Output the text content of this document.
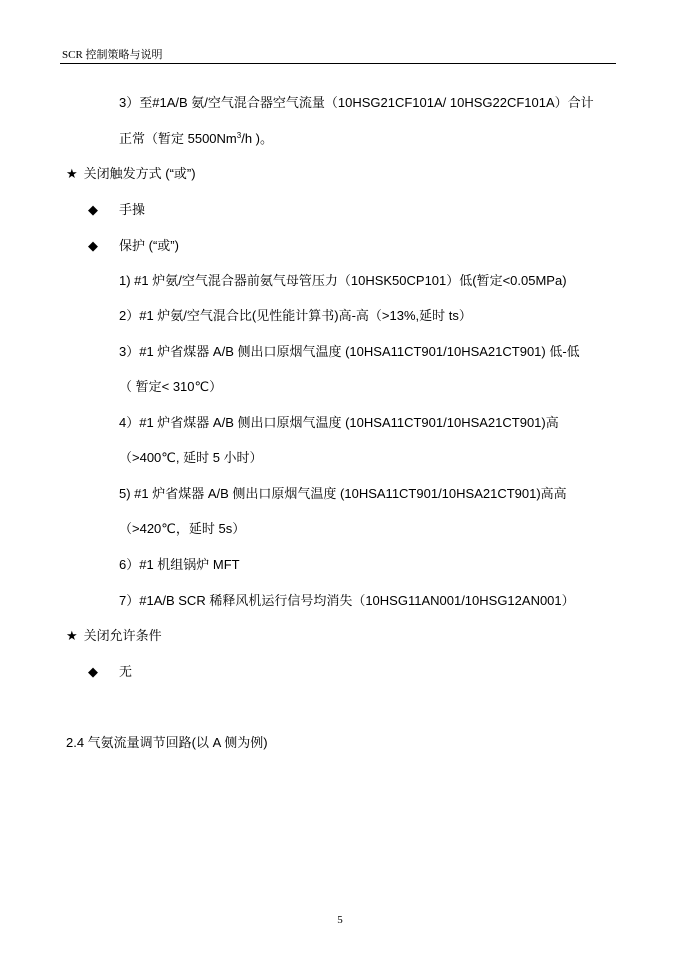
SCR 控制策略与说明
3）至#1A/B 氨/空气混合器空气流量（10HSG21CF101A/ 10HSG22CF101A）合计
正常（暂定 5500Nm$^3$/h )。
★ 关闭触发方式 (“或”)
◆ 手操
◆ 保护 (“或”)
1) #1 炉氨/空气混合器前氨气母管压力（10HSK50CP101）低(暂定<0.05MPa)
2）#1 炉氨/空气混合比(见性能计算书)高-高（>13%,延时 ts）
3）#1 炉省煤器 A/B 侧出口原烟气温度 (10HSA11CT901/10HSA21CT901) 低-低
（ 暂定< 310℃）
4）#1 炉省煤器 A/B 侧出口原烟气温度 (10HSA11CT901/10HSA21CT901)高
（>400℃, 延时 5 小时）
5) #1 炉省煤器 A/B 侧出口原烟气温度 (10HSA11CT901/10HSA21CT901)高高
（>420℃，延时 5s）
6）#1 机组锅炉 MFT
7）#1A/B SCR 稀释风机运行信号均消失（10HSG11AN001/10HSG12AN001）
★ 关闭允许条件
◆ 无
2.4 气氨流量调节回路(以 A 侧为例)
5
